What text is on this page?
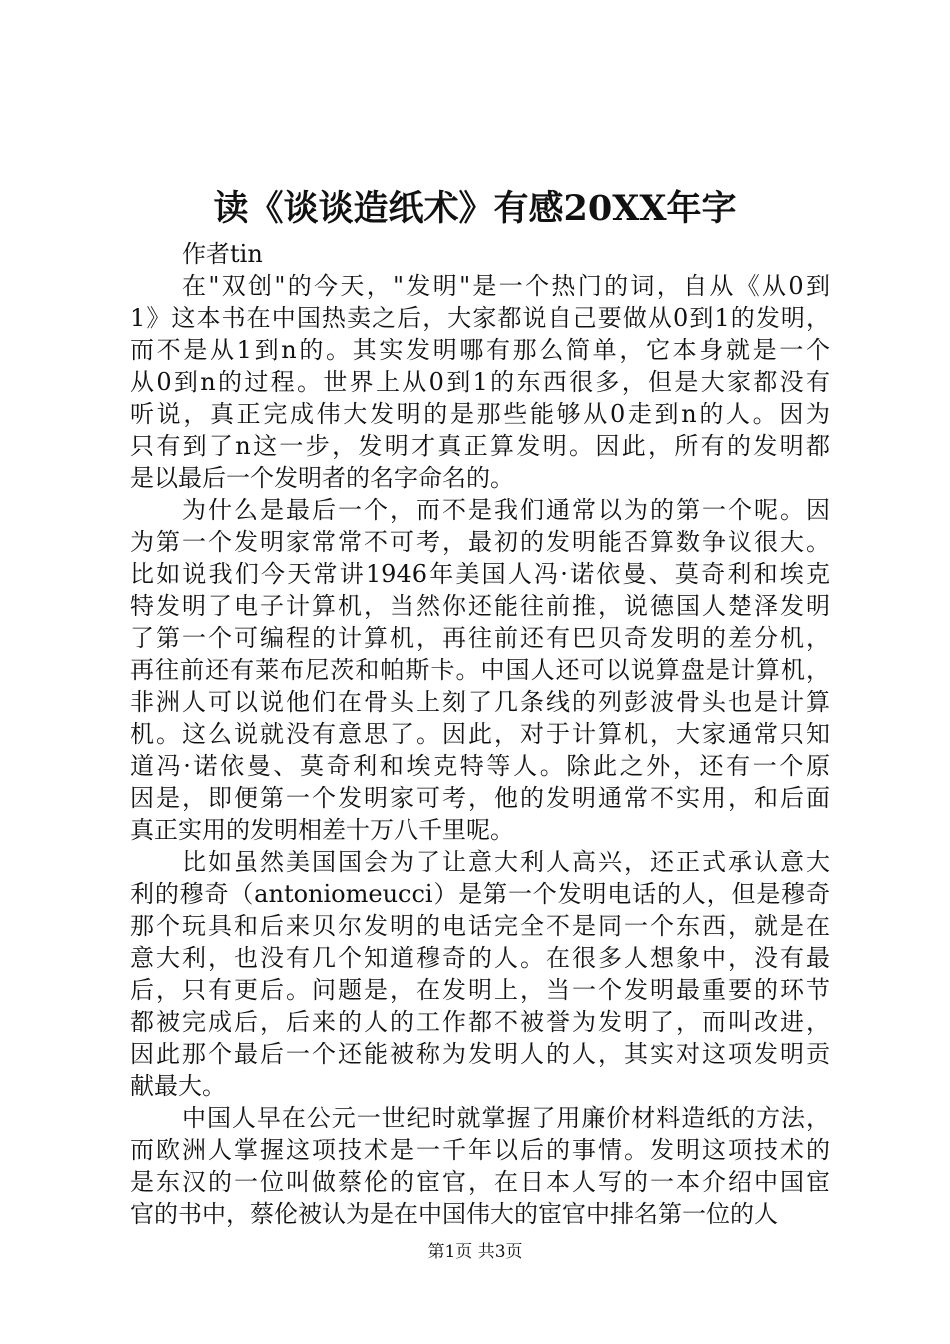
读《谈谈造纸术》有感20XX年字

作者tin

在"双创"的今天，"发明"是一个热门的词，自从《从0到
1》这本书在中国热卖之后，大家都说自己要做从0到1的发明，
而不是从1到n的。其实发明哪有那么简单，它本身就是一个
从0到n的过程。世界上从0到1的东西很多，但是大家都没有
听说，真正完成伟大发明的是那些能够从0走到n的人。因为
只有到了n这一步，发明才真正算发明。因此，所有的发明都
是以最后一个发明者的名字命名的。
为什么是最后一个，而不是我们通常以为的第一个呢。因
为第一个发明家常常不可考，最初的发明能否算数争议很大。
比如说我们今天常讲1946年美国人冯·诺依曼、莫奇利和埃克
特发明了电子计算机，当然你还能往前推，说德国人楚泽发明
了第一个可编程的计算机，再往前还有巴贝奇发明的差分机，
再往前还有莱布尼茨和帕斯卡。中国人还可以说算盘是计算机，
非洲人可以说他们在骨头上刻了几条线的列彭波骨头也是计算
机。这么说就没有意思了。因此，对于计算机，大家通常只知
道冯·诺依曼、莫奇利和埃克特等人。除此之外，还有一个原
因是，即便第一个发明家可考，他的发明通常不实用，和后面
真正实用的发明相差十万八千里呢。
比如虽然美国国会为了让意大利人高兴，还正式承认意大
利的穆奇（antoniomeucci）是第一个发明电话的人，但是穆奇
那个玩具和后来贝尔发明的电话完全不是同一个东西，就是在
意大利，也没有几个知道穆奇的人。在很多人想象中，没有最
后，只有更后。问题是，在发明上，当一个发明最重要的环节
都被完成后，后来的人的工作都不被誉为发明了，而叫改进，
因此那个最后一个还能被称为发明人的人，其实对这项发明贡
献最大。
中国人早在公元一世纪时就掌握了用廉价材料造纸的方法，
而欧洲人掌握这项技术是一千年以后的事情。发明这项技术的
是东汉的一位叫做蔡伦的宦官，在日本人写的一本介绍中国宦
官的书中，蔡伦被认为是在中国伟大的宦官中排名第一位的人
第1页 共3页
